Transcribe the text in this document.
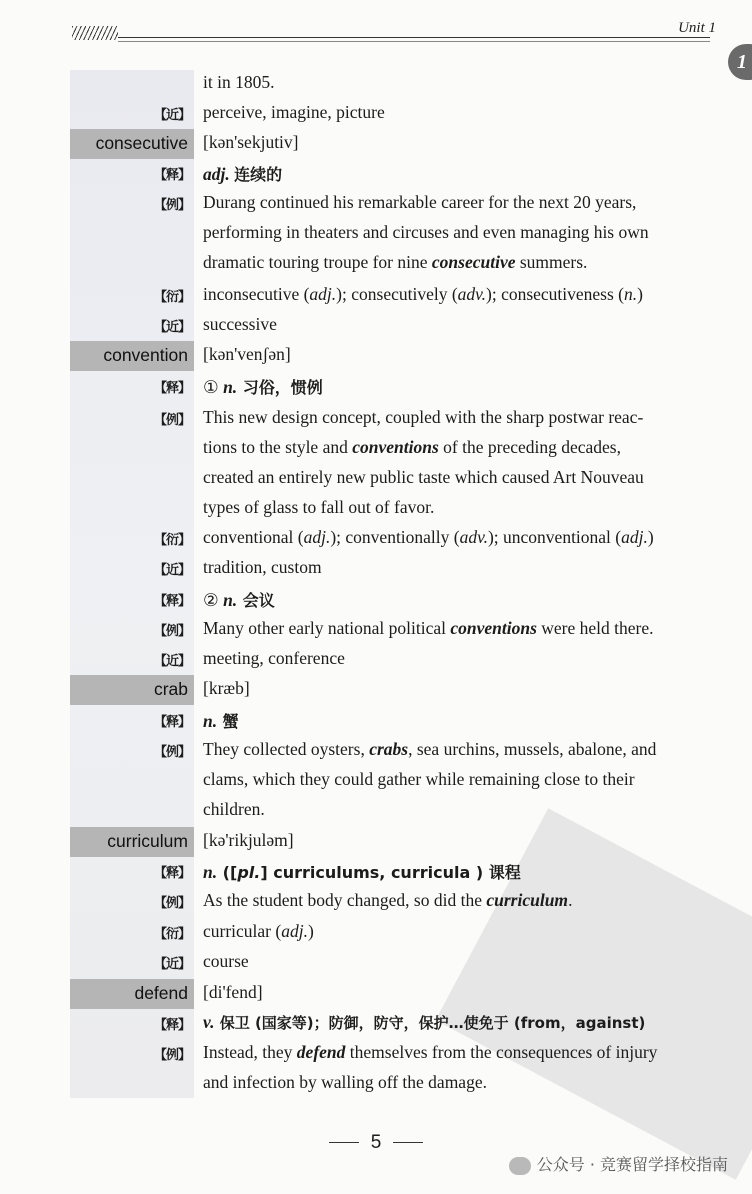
Unit 1
1
it in 1805.
【近】 perceive, imagine, picture
consecutive [kən'sekjutiv]
【释】 adj. 连续的
【例】 Durang continued his remarkable career for the next 20 years,
performing in theaters and circuses and even managing his own
dramatic touring troupe for nine consecutive summers.
【衍】 inconsecutive (adj.); consecutively (adv.); consecutiveness (n.)
【近】 successive
convention [kən'venʃən]
【释】 ① n. 习俗，惯例
【例】 This new design concept, coupled with the sharp postwar reac-
tions to the style and conventions of the preceding decades,
created an entirely new public taste which caused Art Nouveau
types of glass to fall out of favor.
【衍】 conventional (adj.); conventionally (adv.); unconventional (adj.)
【近】 tradition, custom
【释】 ② n. 会议
【例】 Many other early national political conventions were held there.
【近】 meeting, conference
crab [kræb]
【释】 n. 蟹
【例】 They collected oysters, crabs, sea urchins, mussels, abalone, and
clams, which they could gather while remaining close to their
children.
curriculum [kə'rikjuləm]
【释】 n. ([pl.] curriculums, curricula ) 课程
【例】 As the student body changed, so did the curriculum.
【衍】 curricular (adj.)
【近】 course
defend [di'fend]
【释】 v. 保卫 (国家等)；防御，防守，保护…使免于 (from，against)
【例】 Instead, they defend themselves from the consequences of injury
and infection by walling off the damage.
5
公众号 · 竞赛留学择校指南
